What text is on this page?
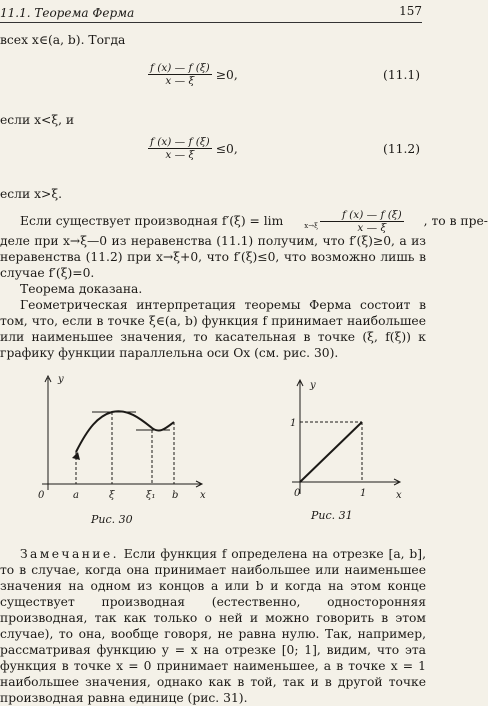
11.1. Теорема Ферма	157

всех x∈(a, b). Тогда

$\frac{f (x) — f (\xi)}{x — \xi} \ge 0$,	(11.1)

если x<ξ, и

$\frac{f (x) — f (\xi)}{x — \xi} \le 0$,	(11.2)

если x>ξ.

Если существует производная f′(ξ) = lim	$x\to\xi \frac{f (x) — f (\xi)}{x — \xi}$	, то в пре-

деле при x→ξ—0 из неравенства (11.1) получим, что f′(ξ)≥0, а из неравенства (11.2) при x→ξ+0, что f′(ξ)≤0, что возможно лишь в случае f′(ξ)=0.

Теорема доказана.

Геометрическая интерпретация теоремы Ферма состоит в том, что, если в точке ξ∈(a, b) функция f принимает наибольшее или наименьшее значения, то касательная в точке (ξ, f(ξ)) к графику функции параллельна оси Ox (см. рис. 30).

y
x
0	a	ξ	ξ₁ b
Рис. 30
y
x
0	1
1
Рис. 31

Замечание. Если функция f определена на отрезке [a, b], то в случае, когда она принимает наибольшее или наименьшее значения на одном из концов a или b и когда на этом конце существует производная (естественно, односторонняя производная, так как только о ней и можно говорить в этом случае), то она, вообще говоря, не равна нулю. Так, например, рассматривая функцию y = x на отрезке [0; 1], видим, что эта функция в точке x = 0 принимает наименьшее, а в точке x = 1 наибольшее значения, однако как в той, так и в другой точке производная равна единице (рис. 31).
